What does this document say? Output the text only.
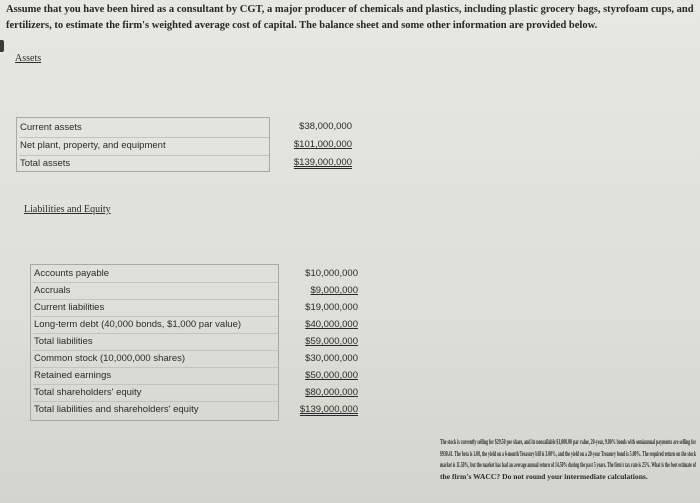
Assume that you have been hired as a consultant by CGT, a major producer of chemicals and plastics, including plastic grocery bags, styrofoam cups, and
fertilizers, to estimate the firm's weighted average cost of capital. The balance sheet and some other information are provided below.
Assets
Current assets
Net plant, property, and equipment
Total assets
$38,000,000
$101,000,000
$139,000,000
Liabilities and Equity
Accounts payable
Accruals
Current liabilities
Long-term debt (40,000 bonds, $1,000 par value)
Total liabilities
Common stock (10,000,000 shares)
Retained earnings
Total shareholders' equity
Total liabilities and shareholders' equity
$10,000,000
$9,000,000
$19,000,000
$40,000,000
$59,000,000
$30,000,000
$50,000,000
$80,000,000
$139,000,000
The stock is currently selling for $29.50 per share, and its noncallable $1,000.00 par value, 20-year, 9.00% bonds with semiannual payments are selling for
$930.41. The beta is 1.08, the yield on a 6-month Treasury bill is 3.00%, and the yield on a 20-year Treasury bond is 5.00%. The required return on the stock
market is 11.50%, but the market has had an average annual return of 14.50% during the past 5 years. The firm's tax rate is 25%. What is the best estimate of
the firm's WACC? Do not round your intermediate calculations.
